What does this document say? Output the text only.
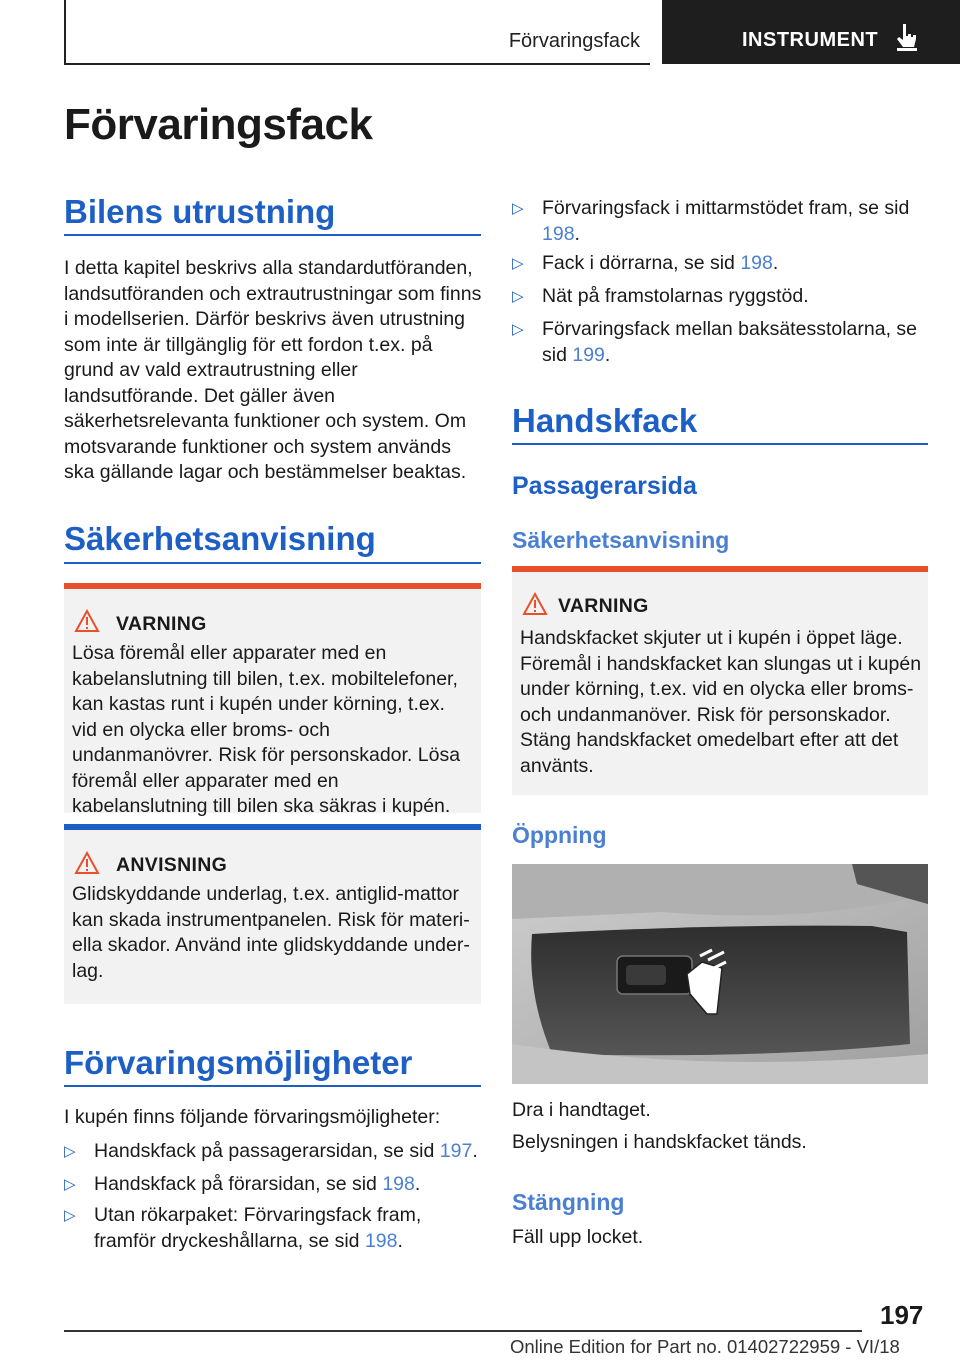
Förvaringsfack	INSTRUMENT
Förvaringsfack
Bilens utrustning
I detta kapitel beskrivs alla standardutföranden, landsutföranden och extrautrustningar som finns i modellserien. Därför beskrivs även utrustning som inte är tillgänglig för ett fordon t.ex. på grund av vald extrautrustning eller landsutförande. Det gäller även säkerhetsrelevanta funktioner och system. Om motsvarande funktioner och system används ska gällande lagar och bestämmelser beaktas.
Säkerhetsanvisning
VARNING
Lösa föremål eller apparater med en kabelanslutning till bilen, t.ex. mobiltelefoner, kan kastas runt i kupén under körning, t.ex. vid en olycka eller broms- och undanmanövrer. Risk för personskador. Lösa föremål eller apparater med en kabelanslutning till bilen ska säkras i kupén.
ANVISNING
Glidskyddande underlag, t.ex. antiglid-mattor kan skada instrumentpanelen. Risk för materiella skador. Använd inte glidskyddande underlag.
Förvaringsmöjligheter
I kupén finns följande förvaringsmöjligheter:
▷ Handskfack på passagerarsidan, se sid 197.
▷ Handskfack på förarsidan, se sid 198.
▷ Utan rökarpaket: Förvaringsfack fram, framför dryckeshållarna, se sid 198.
▷ Förvaringsfack i mittarmstödet fram, se sid 198.
▷ Fack i dörrarna, se sid 198.
▷ Nät på framstolarnas ryggstöd.
▷ Förvaringsfack mellan baksätesstolarna, se sid 199.
Handskfack
Passagerarsida
Säkerhetsanvisning
VARNING
Handskfacket skjuter ut i kupén i öppet läge. Föremål i handskfacket kan slungas ut i kupén under körning, t.ex. vid en olycka eller broms- och undanmanöver. Risk för personskador. Stäng handskfacket omedelbart efter att det använts.
Öppning
Dra i handtaget.
Belysningen i handskfacket tänds.
Stängning
Fäll upp locket.
197
Online Edition for Part no. 01402722959 - VI/18
